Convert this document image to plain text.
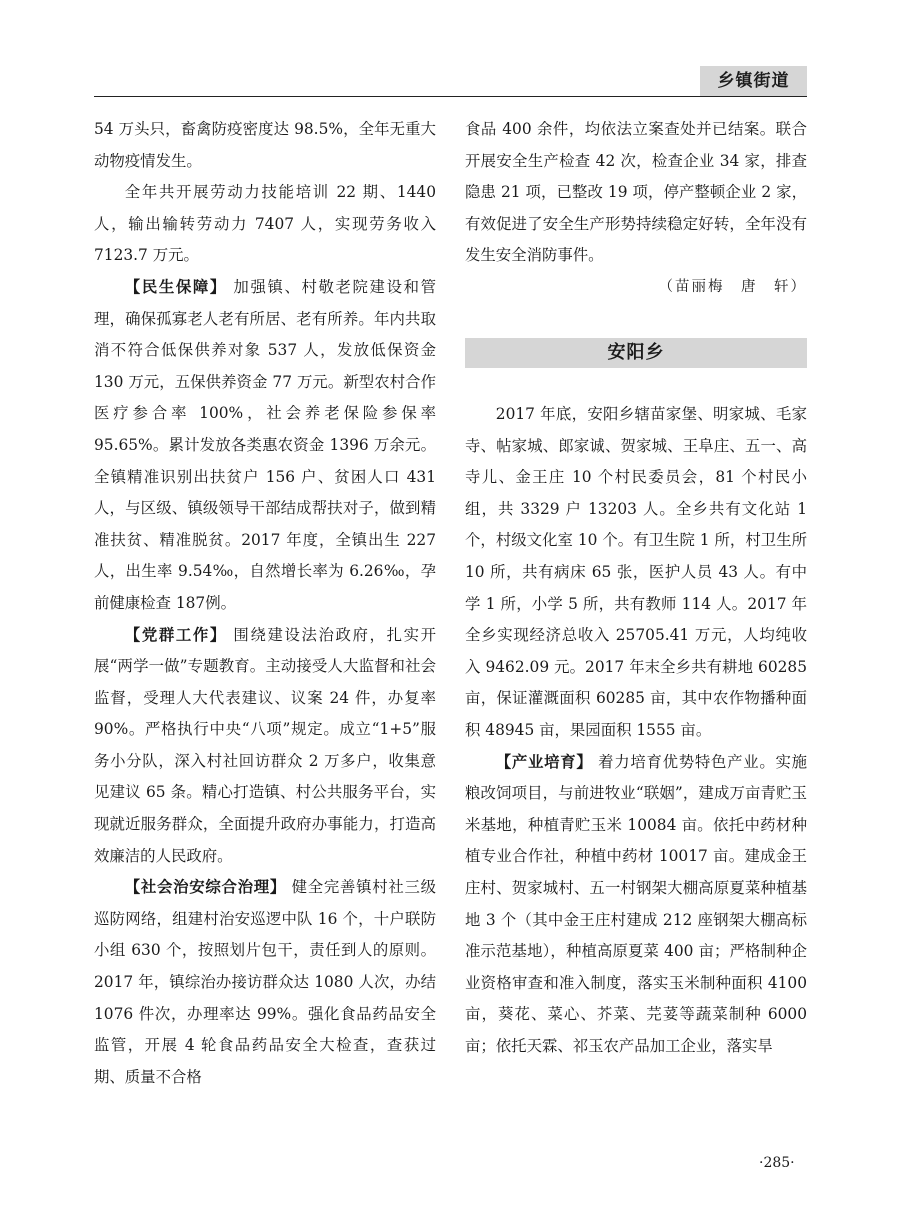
乡镇街道

54 万头只，畜禽防疫密度达 98.5%，全年无重大动物疫情发生。

全年共开展劳动力技能培训 22 期、1440 人，输出输转劳动力 7407 人，实现劳务收入 7123.7 万元。

【民生保障】 加强镇、村敬老院建设和管理，确保孤寡老人老有所居、老有所养。年内共取消不符合低保供养对象 537 人，发放低保资金 130 万元，五保供养资金 77 万元。新型农村合作医疗参合率 100%，社会养老保险参保率 95.65%。累计发放各类惠农资金 1396 万余元。全镇精准识别出扶贫户 156 户、贫困人口 431 人，与区级、镇级领导干部结成帮扶对子，做到精准扶贫、精准脱贫。2017 年度，全镇出生 227 人，出生率 9.54‰，自然增长率为 6.26‰，孕前健康检查 187例。

【党群工作】 围绕建设法治政府，扎实开展“两学一做”专题教育。主动接受人大监督和社会监督，受理人大代表建议、议案 24 件，办复率 90%。严格执行中央“八项”规定。成立“1+5”服务小分队，深入村社回访群众 2 万多户，收集意见建议 65 条。精心打造镇、村公共服务平台，实现就近服务群众，全面提升政府办事能力，打造高效廉洁的人民政府。

【社会治安综合治理】 健全完善镇村社三级巡防网络，组建村治安巡逻中队 16 个，十户联防小组 630 个，按照划片包干，责任到人的原则。2017 年，镇综治办接访群众达 1080 人次，办结 1076 件次，办理率达 99%。强化食品药品安全监管，开展 4 轮食品药品安全大检查，查获过期、质量不合格

食品 400 余件，均依法立案查处并已结案。联合开展安全生产检查 42 次，检查企业 34 家，排查隐患 21 项，已整改 19 项，停产整顿企业 2 家，有效促进了安全生产形势持续稳定好转，全年没有发生安全消防事件。

（苗丽梅　唐　轩）

安阳乡

2017 年底，安阳乡辖苗家堡、明家城、毛家寺、帖家城、郎家诚、贺家城、王阜庄、五一、高寺儿、金王庄 10 个村民委员会，81 个村民小组，共 3329 户 13203 人。全乡共有文化站 1 个，村级文化室 10 个。有卫生院 1 所，村卫生所 10 所，共有病床 65 张，医护人员 43 人。有中学 1 所，小学 5 所，共有教师 114 人。2017 年全乡实现经济总收入 25705.41 万元，人均纯收入 9462.09 元。2017 年末全乡共有耕地 60285 亩，保证灌溉面积 60285 亩，其中农作物播种面积 48945 亩，果园面积 1555 亩。

【产业培育】 着力培育优势特色产业。实施粮改饲项目，与前进牧业“联姻”，建成万亩青贮玉米基地，种植青贮玉米 10084 亩。依托中药材种植专业合作社，种植中药材 10017 亩。建成金王庄村、贺家城村、五一村钢架大棚高原夏菜种植基地 3 个（其中金王庄村建成 212 座钢架大棚高标准示范基地），种植高原夏菜 400 亩；严格制种企业资格审查和准入制度，落实玉米制种面积 4100 亩，葵花、菜心、芥菜、芫荽等蔬菜制种 6000 亩；依托天霖、祁玉农产品加工企业，落实旱

·285·
